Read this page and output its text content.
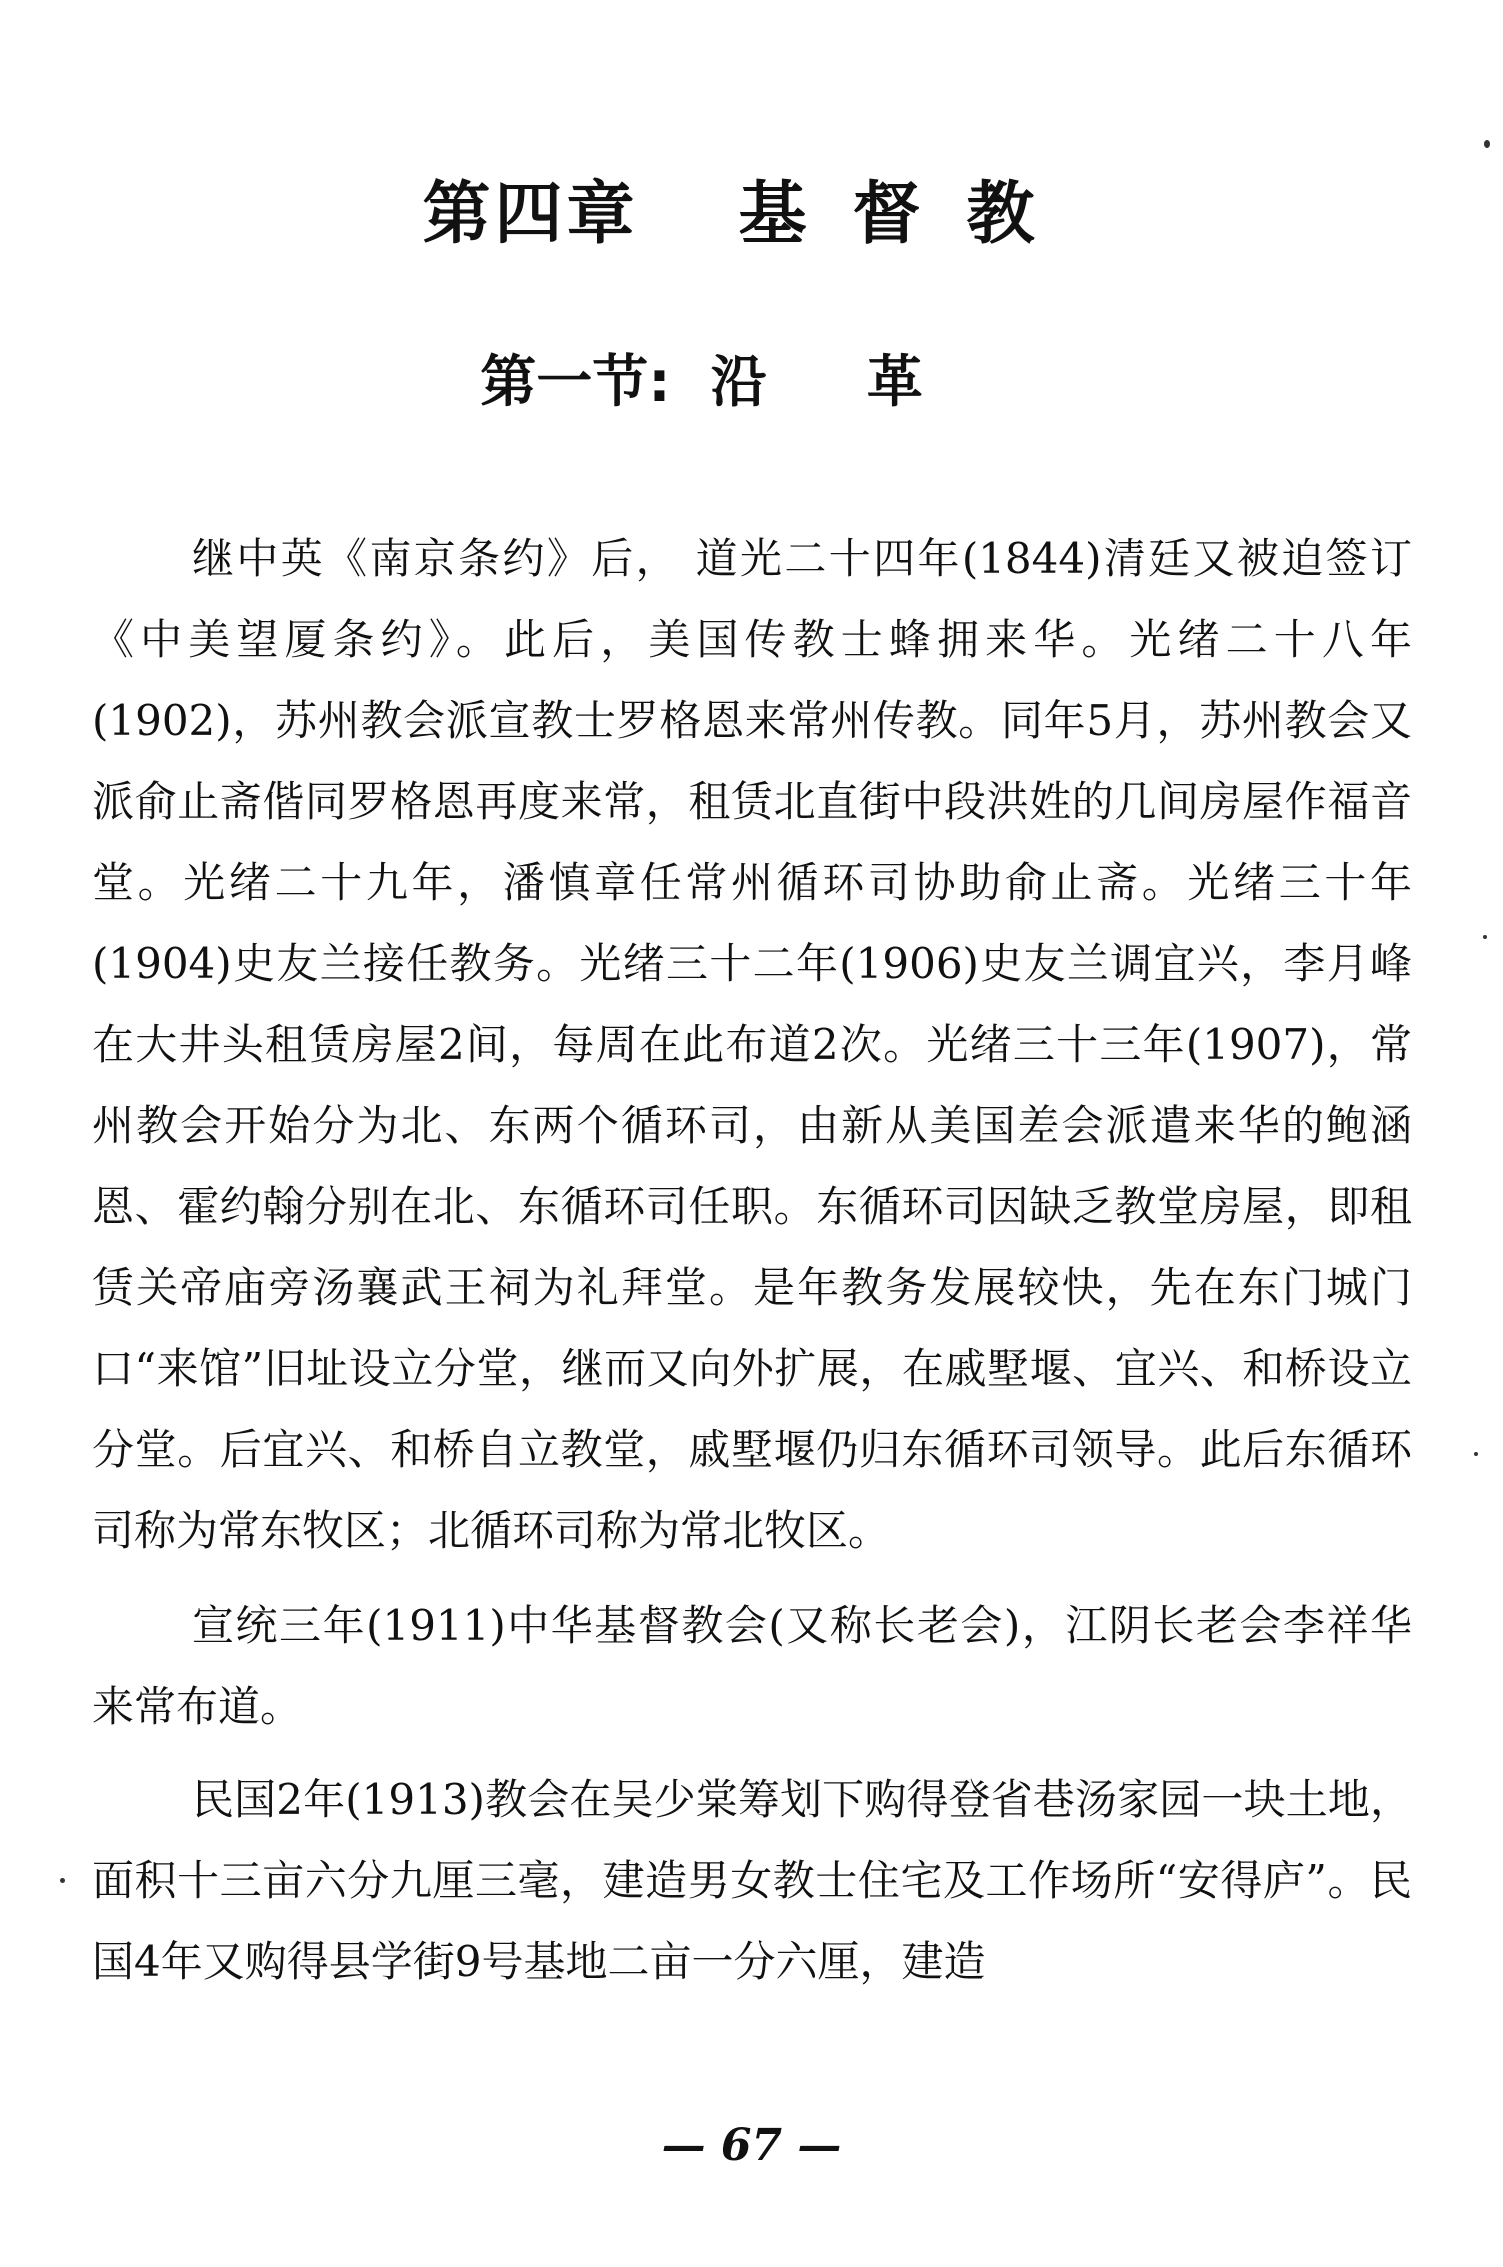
第四章 基督教
第一节: 沿革

继中英《南京条约》后， 道光二十四年(1844)清廷又被迫签订《中美望厦条约》。此后，美国传教士蜂拥来华。光绪二十八年(1902)，苏州教会派宣教士罗格恩来常州传教。同年5月，苏州教会又派俞止斋偕同罗格恩再度来常，租赁北直街中段洪姓的几间房屋作福音堂。光绪二十九年，潘慎章任常州循环司协助俞止斋。光绪三十年(1904)史友兰接任教务。光绪三十二年(1906)史友兰调宜兴，李月峰在大井头租赁房屋2间，每周在此布道2次。光绪三十三年(1907)，常州教会开始分为北、东两个循环司，由新从美国差会派遣来华的鲍涵恩、霍约翰分别在北、东循环司任职。东循环司因缺乏教堂房屋，即租赁关帝庙旁汤襄武王祠为礼拜堂。是年教务发展较快，先在东门城门口“来馆”旧址设立分堂，继而又向外扩展，在戚墅堰、宜兴、和桥设立分堂。后宜兴、和桥自立教堂，戚墅堰仍归东循环司领导。此后东循环司称为常东牧区；北循环司称为常北牧区。

宣统三年(1911)中华基督教会(又称长老会)，江阴长老会李祥华来常布道。

民国2年(1913)教会在吴少棠筹划下购得登省巷汤家园一块土地，面积十三亩六分九厘三毫，建造男女教士住宅及工作场所“安得庐”。民国4年又购得县学街9号基地二亩一分六厘，建造

— 67 —
